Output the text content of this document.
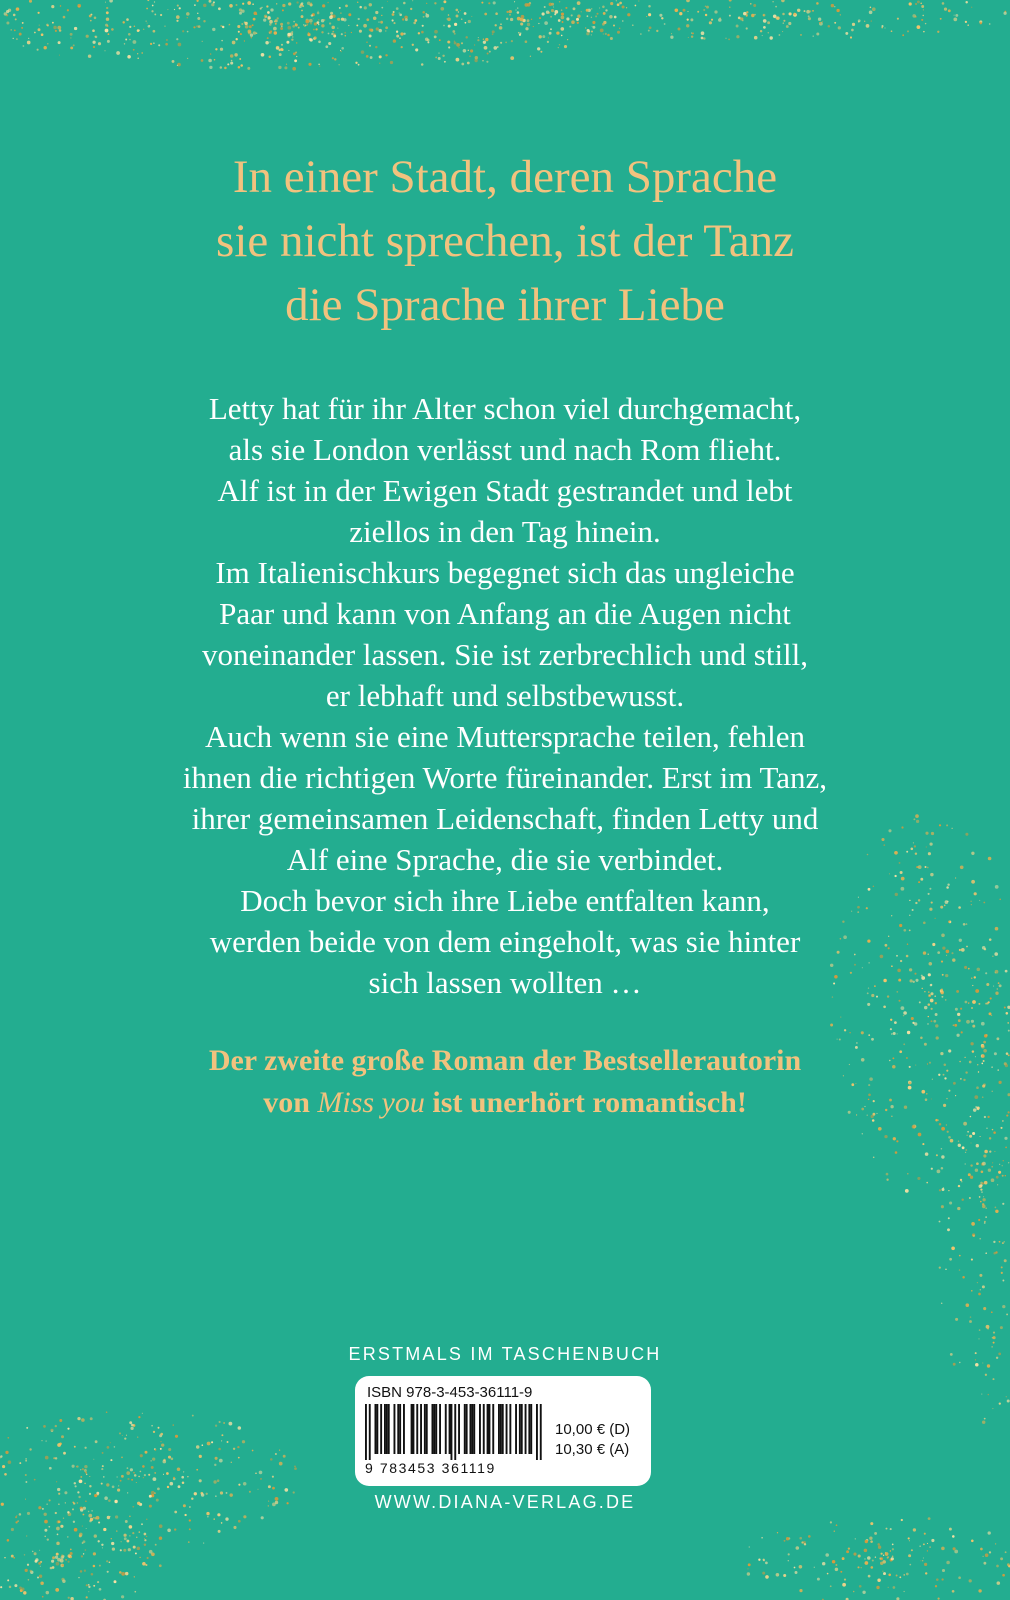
In einer Stadt, deren Sprache
sie nicht sprechen, ist der Tanz
die Sprache ihrer Liebe
Letty hat für ihr Alter schon viel durchgemacht,
als sie London verlässt und nach Rom flieht.
Alf ist in der Ewigen Stadt gestrandet und lebt
ziellos in den Tag hinein.
Im Italienischkurs begegnet sich das ungleiche
Paar und kann von Anfang an die Augen nicht
voneinander lassen. Sie ist zerbrechlich und still,
er lebhaft und selbstbewusst.
Auch wenn sie eine Muttersprache teilen, fehlen
ihnen die richtigen Worte füreinander. Erst im Tanz,
ihrer gemeinsamen Leidenschaft, finden Letty und
Alf eine Sprache, die sie verbindet.
Doch bevor sich ihre Liebe entfalten kann,
werden beide von dem eingeholt, was sie hinter
sich lassen wollten …
Der zweite große Roman der Bestsellerautorin
von Miss you ist unerhört romantisch!
ERSTMALS IM TASCHENBUCH
ISBN 978-3-453-36111-9
9 783453 361119
10,00 € (D)
10,30 € (A)
WWW.DIANA-VERLAG.DE
